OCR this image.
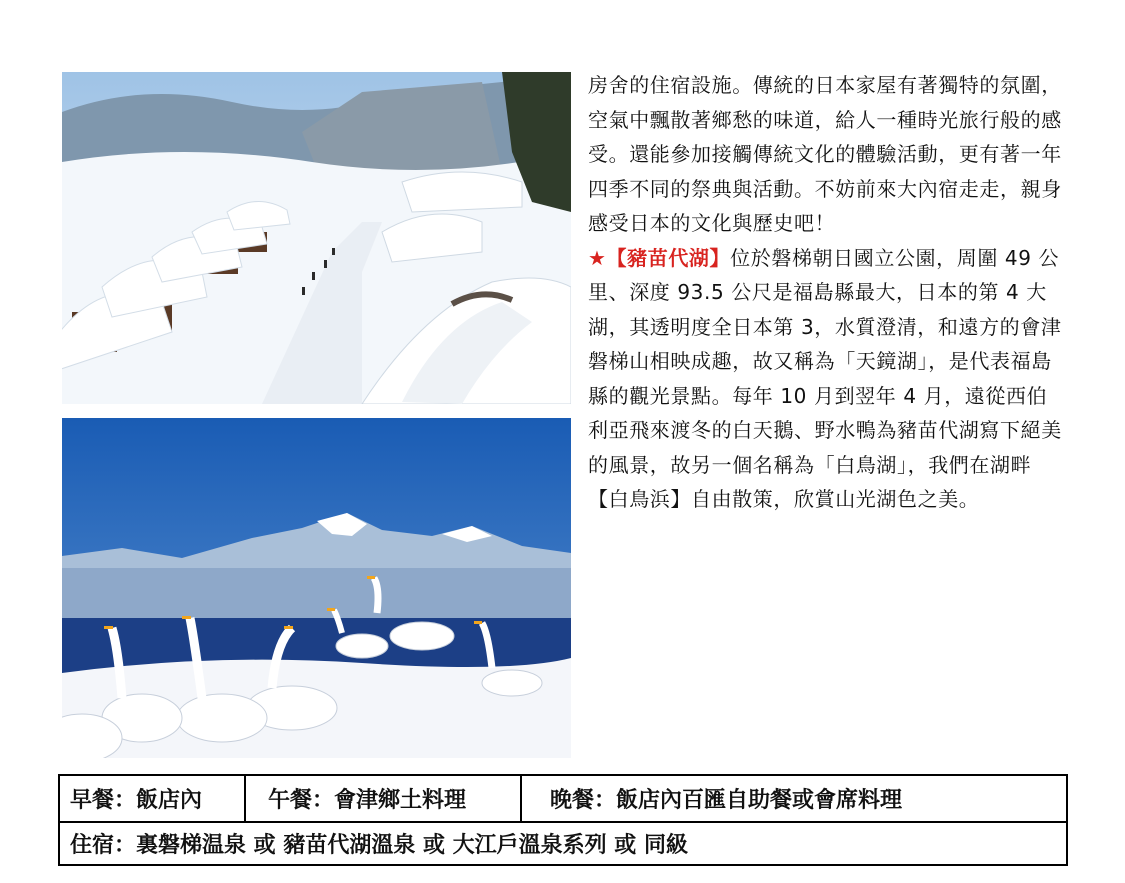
房舍的住宿設施。傳統的日本家屋有著獨特的氛圍，空氣中飄散著鄉愁的味道，給人一種時光旅行般的感受。還能參加接觸傳統文化的體驗活動，更有著一年四季不同的祭典與活動。不妨前來大內宿走走，親身感受日本的文化與歷史吧！

★【豬苗代湖】位於磐梯朝日國立公園，周圍 49 公里、深度 93.5 公尺是福島縣最大，日本的第 4 大湖，其透明度全日本第 3，水質澄清，和遠方的會津磐梯山相映成趣，故又稱為「天鏡湖」，是代表福島縣的觀光景點。每年 10 月到翌年 4 月，遠從西伯利亞飛來渡冬的白天鵝、野水鴨為豬苗代湖寫下絕美的風景，故另一個名稱為「白鳥湖」，我們在湖畔【白鳥浜】自由散策，欣賞山光湖色之美。

早餐：飯店內	午餐：會津鄉土料理	晚餐：飯店內百匯自助餐或會席料理
住宿：裏磐梯温泉 或 豬苗代湖溫泉 或 大江戶溫泉系列 或 同級
